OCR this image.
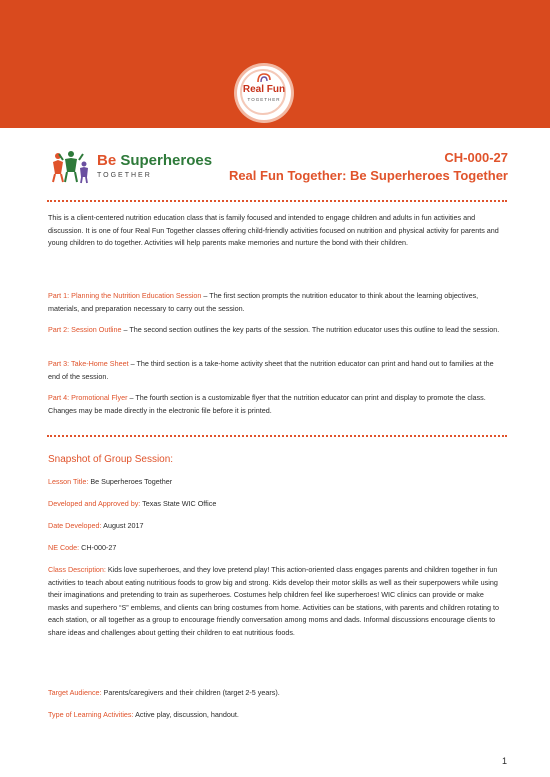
Real Fun
TOGETHER
Be Superheroes
TOGETHER
CH-000-27
Real Fun Together: Be Superheroes Together
This is a client-centered nutrition education class that is family focused and intended to engage children and adults in fun activities and discussion. It is one of four Real Fun Together classes offering child-friendly activities focused on nutrition and physical activity for parents and young children to do together. Activities will help parents make memories and nurture the bond with their children.
Part 1: Planning the Nutrition Education Session – The first section prompts the nutrition educator to think about the learning objectives, materials, and preparation necessary to carry out the session.
Part 2: Session Outline – The second section outlines the key parts of the session. The nutrition educator uses this outline to lead the session.
Part 3: Take-Home Sheet – The third section is a take-home activity sheet that the nutrition educator can print and hand out to families at the end of the session.
Part 4: Promotional Flyer – The fourth section is a customizable flyer that the nutrition educator can print and display to promote the class. Changes may be made directly in the electronic file before it is printed.
Snapshot of Group Session:
Lesson Title: Be Superheroes Together
Developed and Approved by: Texas State WIC Office
Date Developed: August 2017
NE Code: CH-000-27
Class Description: Kids love superheroes, and they love pretend play! This action-oriented class engages parents and children together in fun activities to teach about eating nutritious foods to grow big and strong. Kids develop their motor skills as well as their superpowers while using their imaginations and pretending to train as superheroes. Costumes help children feel like superheroes! WIC clinics can provide or make masks and superhero “S” emblems, and clients can bring costumes from home. Activities can be stations, with parents and children rotating to each station, or all together as a group to encourage friendly conversation among moms and dads. Informal discussions encourage clients to share ideas and challenges about getting their children to eat nutritious foods.
Target Audience: Parents/caregivers and their children (target 2-5 years).
Type of Learning Activities: Active play, discussion, handout.
1
